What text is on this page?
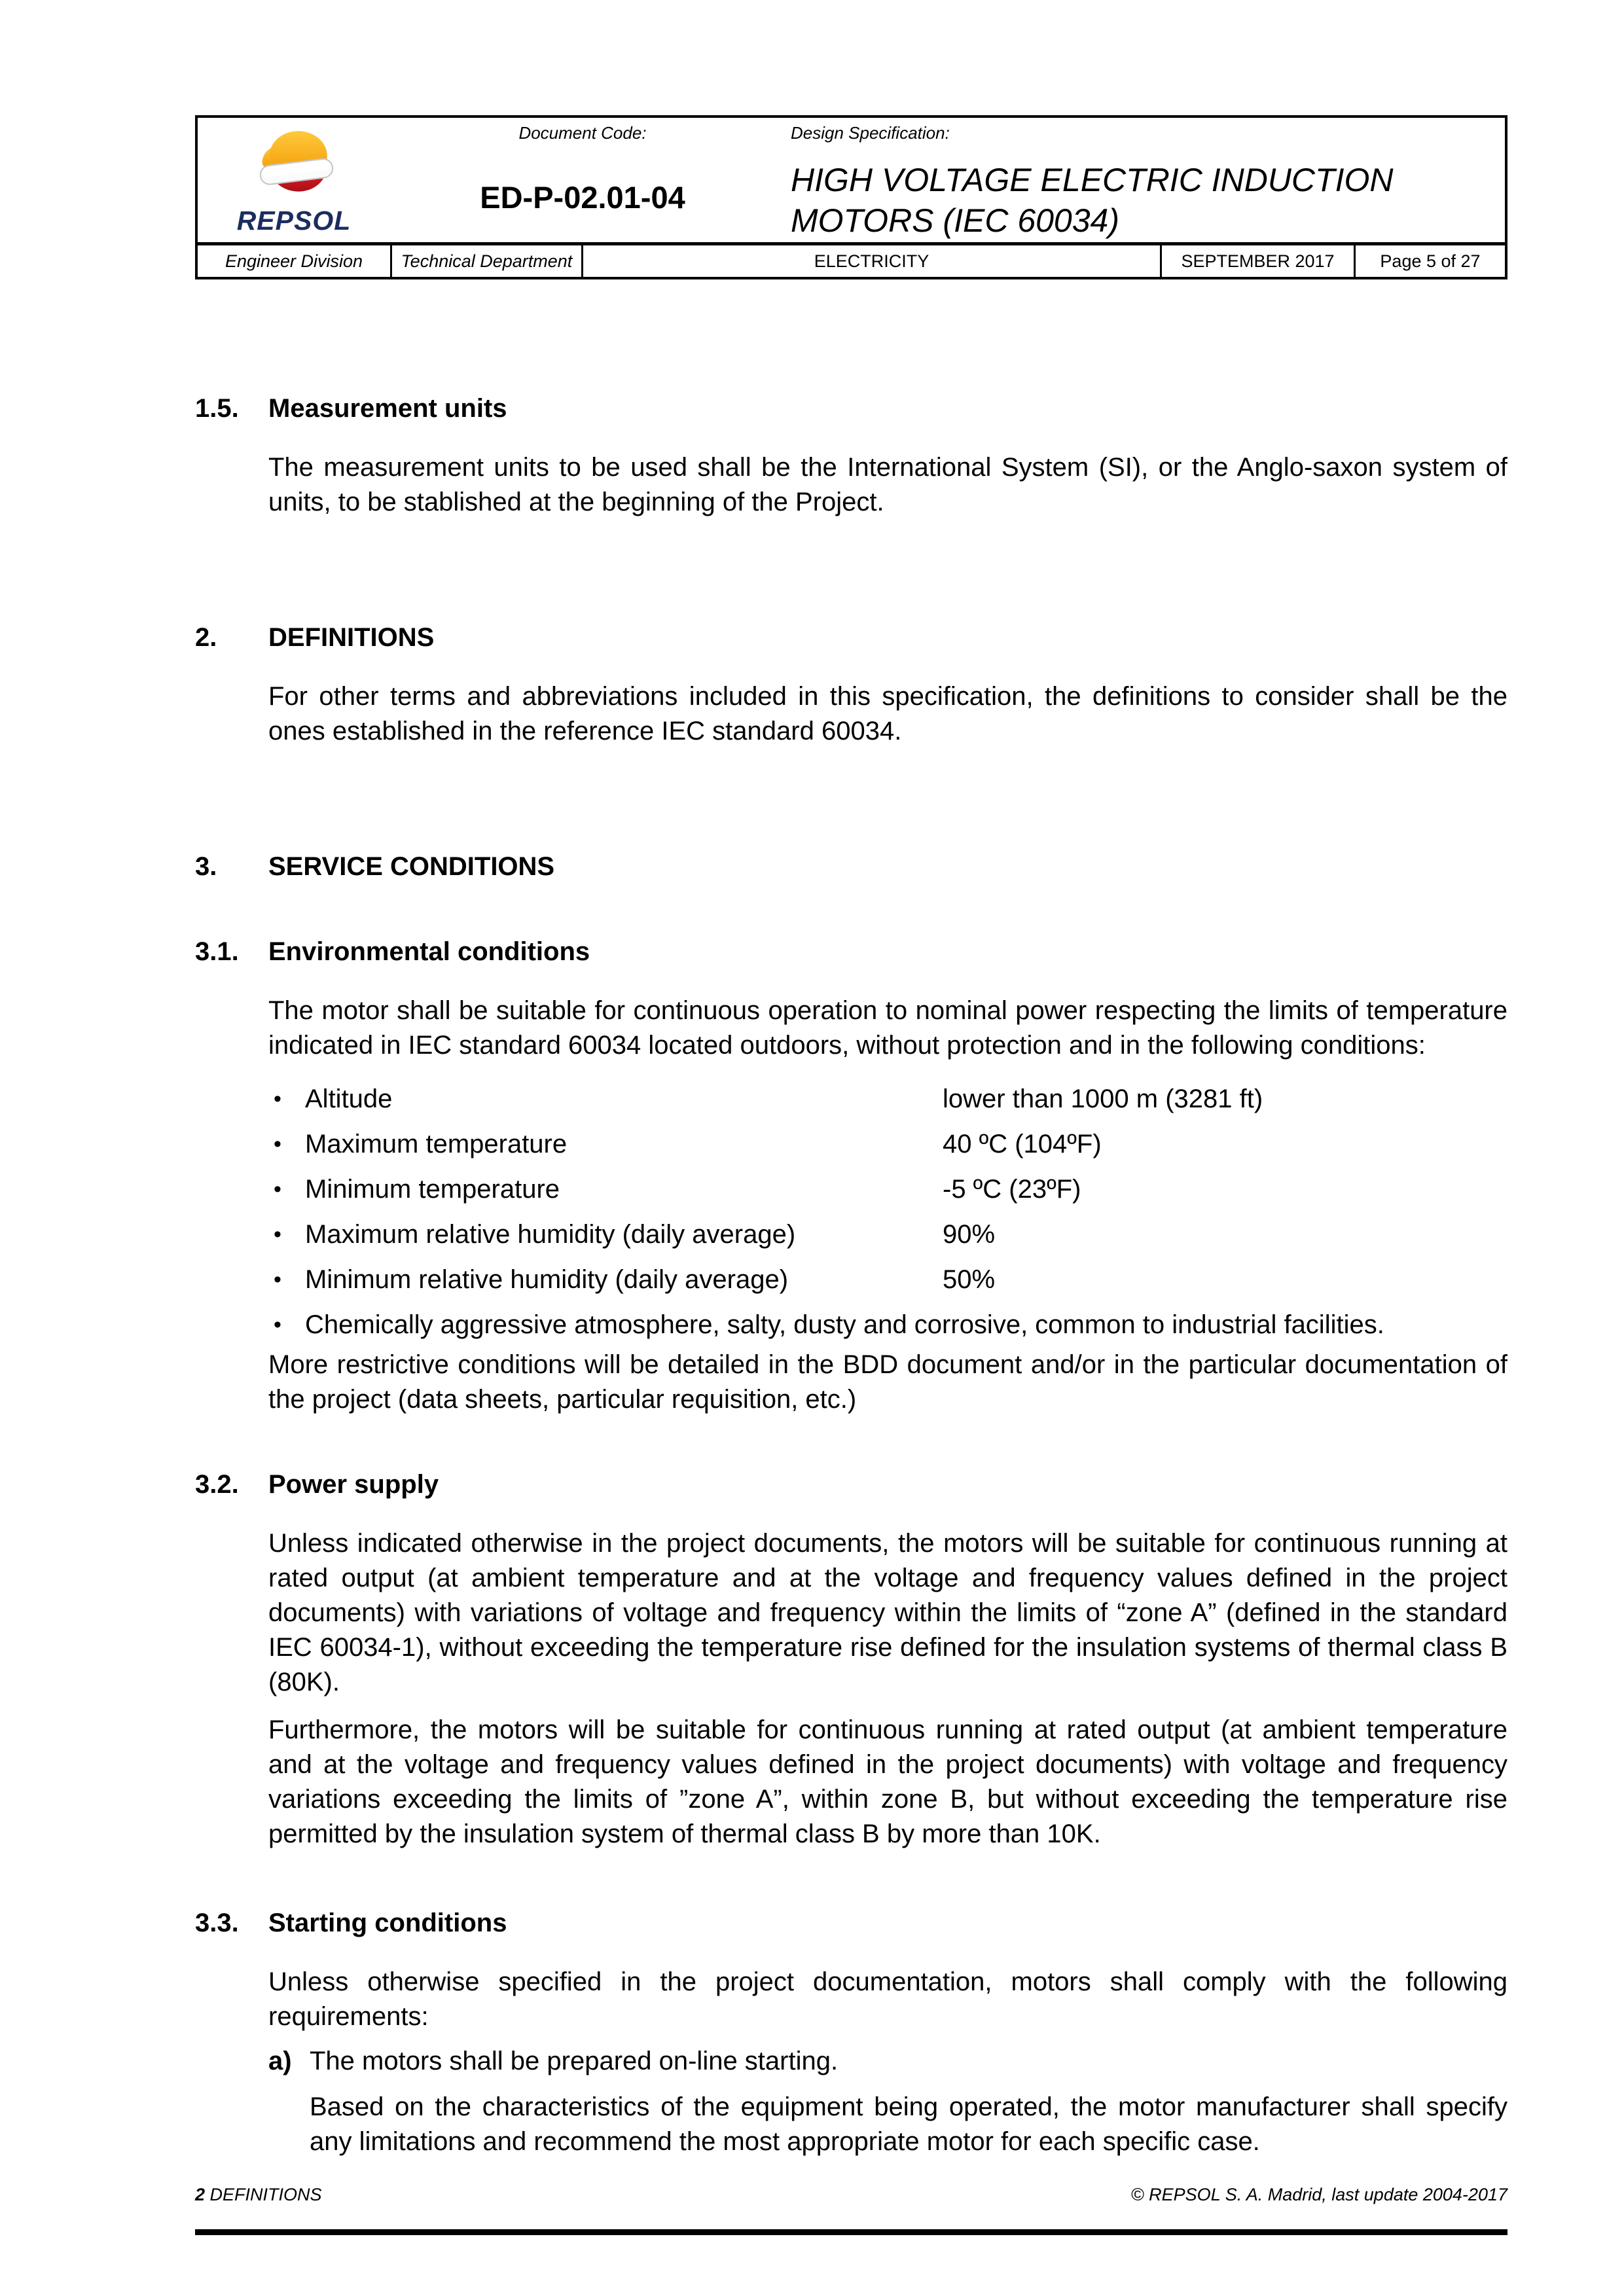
REPSOL
Document Code:
ED-P-02.01-04
Design Specification:
HIGH VOLTAGE ELECTRIC INDUCTION
MOTORS (IEC 60034)
Engineer Division	Technical Department	ELECTRICITY	SEPTEMBER 2017	Page 5 of 27
1.5.	Measurement units
The measurement units to be used shall be the International System (SI), or the Anglo-saxon system of units, to be stablished at the beginning of the Project.
2.	DEFINITIONS
For other terms and abbreviations included in this specification, the definitions to consider shall be the ones established in the reference IEC standard 60034.
3.	SERVICE CONDITIONS
3.1.	Environmental conditions
The motor shall be suitable for continuous operation to nominal power respecting the limits of temperature indicated in IEC standard 60034 located outdoors, without protection and in the following conditions:
• Altitude	lower than 1000 m (3281 ft)
• Maximum temperature	40 ºC (104ºF)
• Minimum temperature	-5 ºC (23ºF)
• Maximum relative humidity (daily average)	90%
• Minimum relative humidity (daily average)	50%
• Chemically aggressive atmosphere, salty, dusty and corrosive, common to industrial facilities.
More restrictive conditions will be detailed in the BDD document and/or in the particular documentation of the project (data sheets, particular requisition, etc.)
3.2.	Power supply
Unless indicated otherwise in the project documents, the motors will be suitable for continuous running at rated output (at ambient temperature and at the voltage and frequency values defined in the project documents) with variations of voltage and frequency within the limits of “zone A” (defined in the standard IEC 60034-1), without exceeding the temperature rise defined for the insulation systems of thermal class B (80K).
Furthermore, the motors will be suitable for continuous running at rated output (at ambient temperature and at the voltage and frequency values defined in the project documents) with voltage and frequency variations exceeding the limits of ”zone A”, within zone B, but without exceeding the temperature rise permitted by the insulation system of thermal class B by more than 10K.
3.3.	Starting conditions
Unless otherwise specified in the project documentation, motors shall comply with the following requirements:
a) The motors shall be prepared on-line starting.
Based on the characteristics of the equipment being operated, the motor manufacturer shall specify any limitations and recommend the most appropriate motor for each specific case.
2 DEFINITIONS	© REPSOL S. A. Madrid, last update 2004-2017
